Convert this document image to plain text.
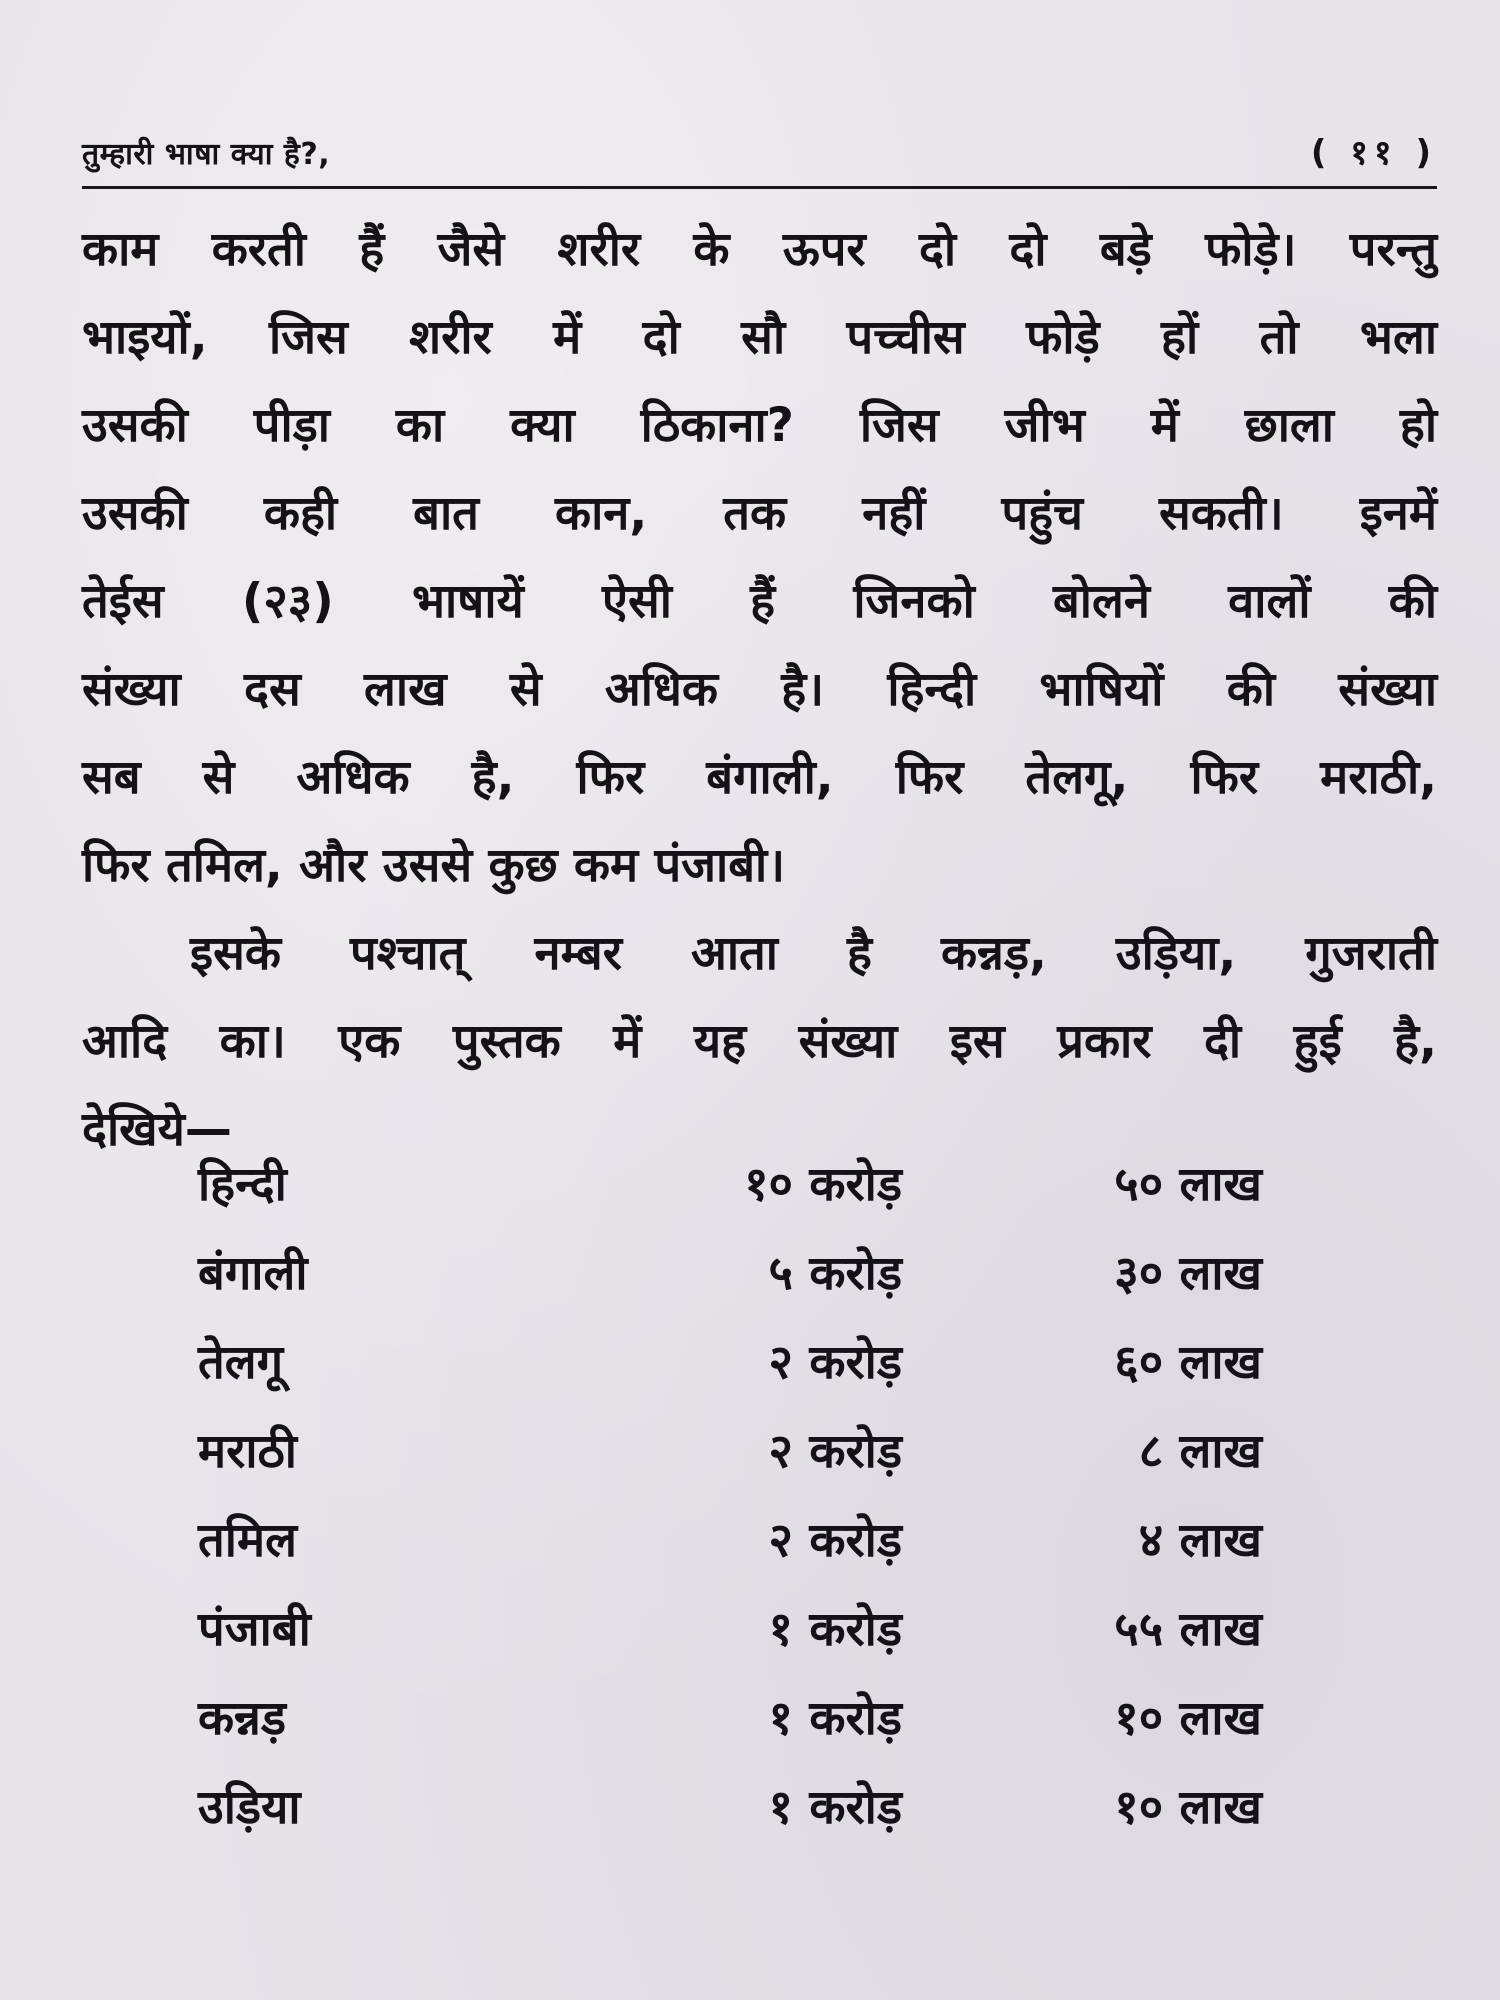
तुम्हारी भाषा क्या है?,	( ११ )
काम करती हैं जैसे शरीर के ऊपर दो दो बड़े फोड़े। परन्तु
भाइयों, जिस शरीर में दो सौ पच्चीस फोड़े हों तो भला
उसकी पीड़ा का क्या ठिकाना? जिस जीभ में छाला हो
उसकी कही बात कान, तक नहीं पहुंच सकती। इनमें
तेईस (२३) भाषायें ऐसी हैं जिनको बोलने वालों की
संख्या दस लाख से अधिक है। हिन्दी भाषियों की संख्या
सब से अधिक है, फिर बंगाली, फिर तेलगू, फिर मराठी,
फिर तमिल, और उससे कुछ कम पंजाबी।
इसके पश्चात् नम्बर आता है कन्नड़, उड़िया, गुजराती
आदि का। एक पुस्तक में यह संख्या इस प्रकार दी हुई है,
देखिये—
हिन्दी	१० करोड़	५० लाख
बंगाली	५ करोड़	३० लाख
तेलगू	२ करोड़	६० लाख
मराठी	२ करोड़	८ लाख
तमिल	२ करोड़	४ लाख
पंजाबी	१ करोड़	५५ लाख
कन्नड़	१ करोड़	१० लाख
उड़िया	१ करोड़	१० लाख
